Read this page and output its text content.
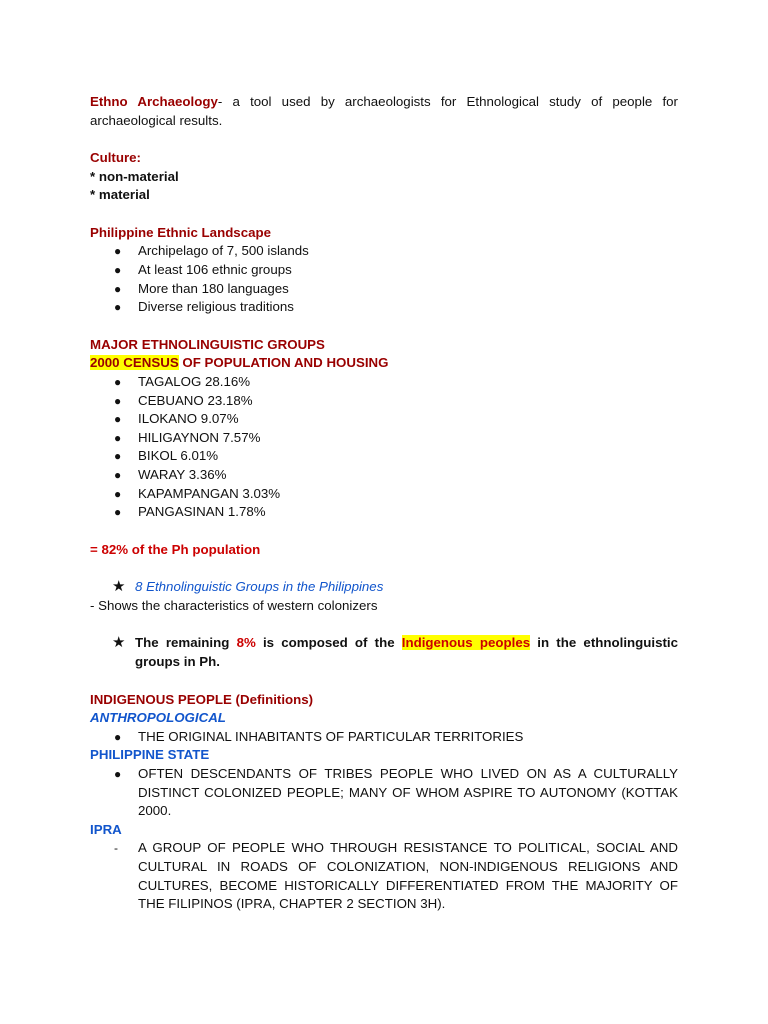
Ethno Archaeology- a tool used by archaeologists for Ethnological study of people for archaeological results.

Culture:

* non-material

* material

Philippine Ethnic Landscape

● Archipelago of 7, 500 islands
● At least 106 ethnic groups
● More than 180 languages
● Diverse religious traditions

MAJOR ETHNOLINGUISTIC GROUPS

2000 CENSUS OF POPULATION AND HOUSING

● TAGALOG 28.16%
● CEBUANO 23.18%
● ILOKANO 9.07%
● HILIGAYNON 7.57%
● BIKOL 6.01%
● WARAY 3.36%
● KAPAMPANGAN 3.03%
● PANGASINAN 1.78%

= 82% of the Ph population

★ 8 Ethnolinguistic Groups in the Philippines

- Shows the characteristics of western colonizers

★ The remaining 8% is composed of the Indigenous peoples in the ethnolinguistic groups in Ph.

INDIGENOUS PEOPLE (Definitions)

ANTHROPOLOGICAL

● THE ORIGINAL INHABITANTS OF PARTICULAR TERRITORIES

PHILIPPINE STATE

● OFTEN DESCENDANTS OF TRIBES PEOPLE WHO LIVED ON AS A CULTURALLY DISTINCT COLONIZED PEOPLE; MANY OF WHOM ASPIRE TO AUTONOMY (KOTTAK 2000.

IPRA

- A GROUP OF PEOPLE WHO THROUGH RESISTANCE TO POLITICAL, SOCIAL AND CULTURAL IN ROADS OF COLONIZATION, NON-INDIGENOUS RELIGIONS AND CULTURES, BECOME HISTORICALLY DIFFERENTIATED FROM THE MAJORITY OF THE FILIPINOS (IPRA, CHAPTER 2 SECTION 3H).
